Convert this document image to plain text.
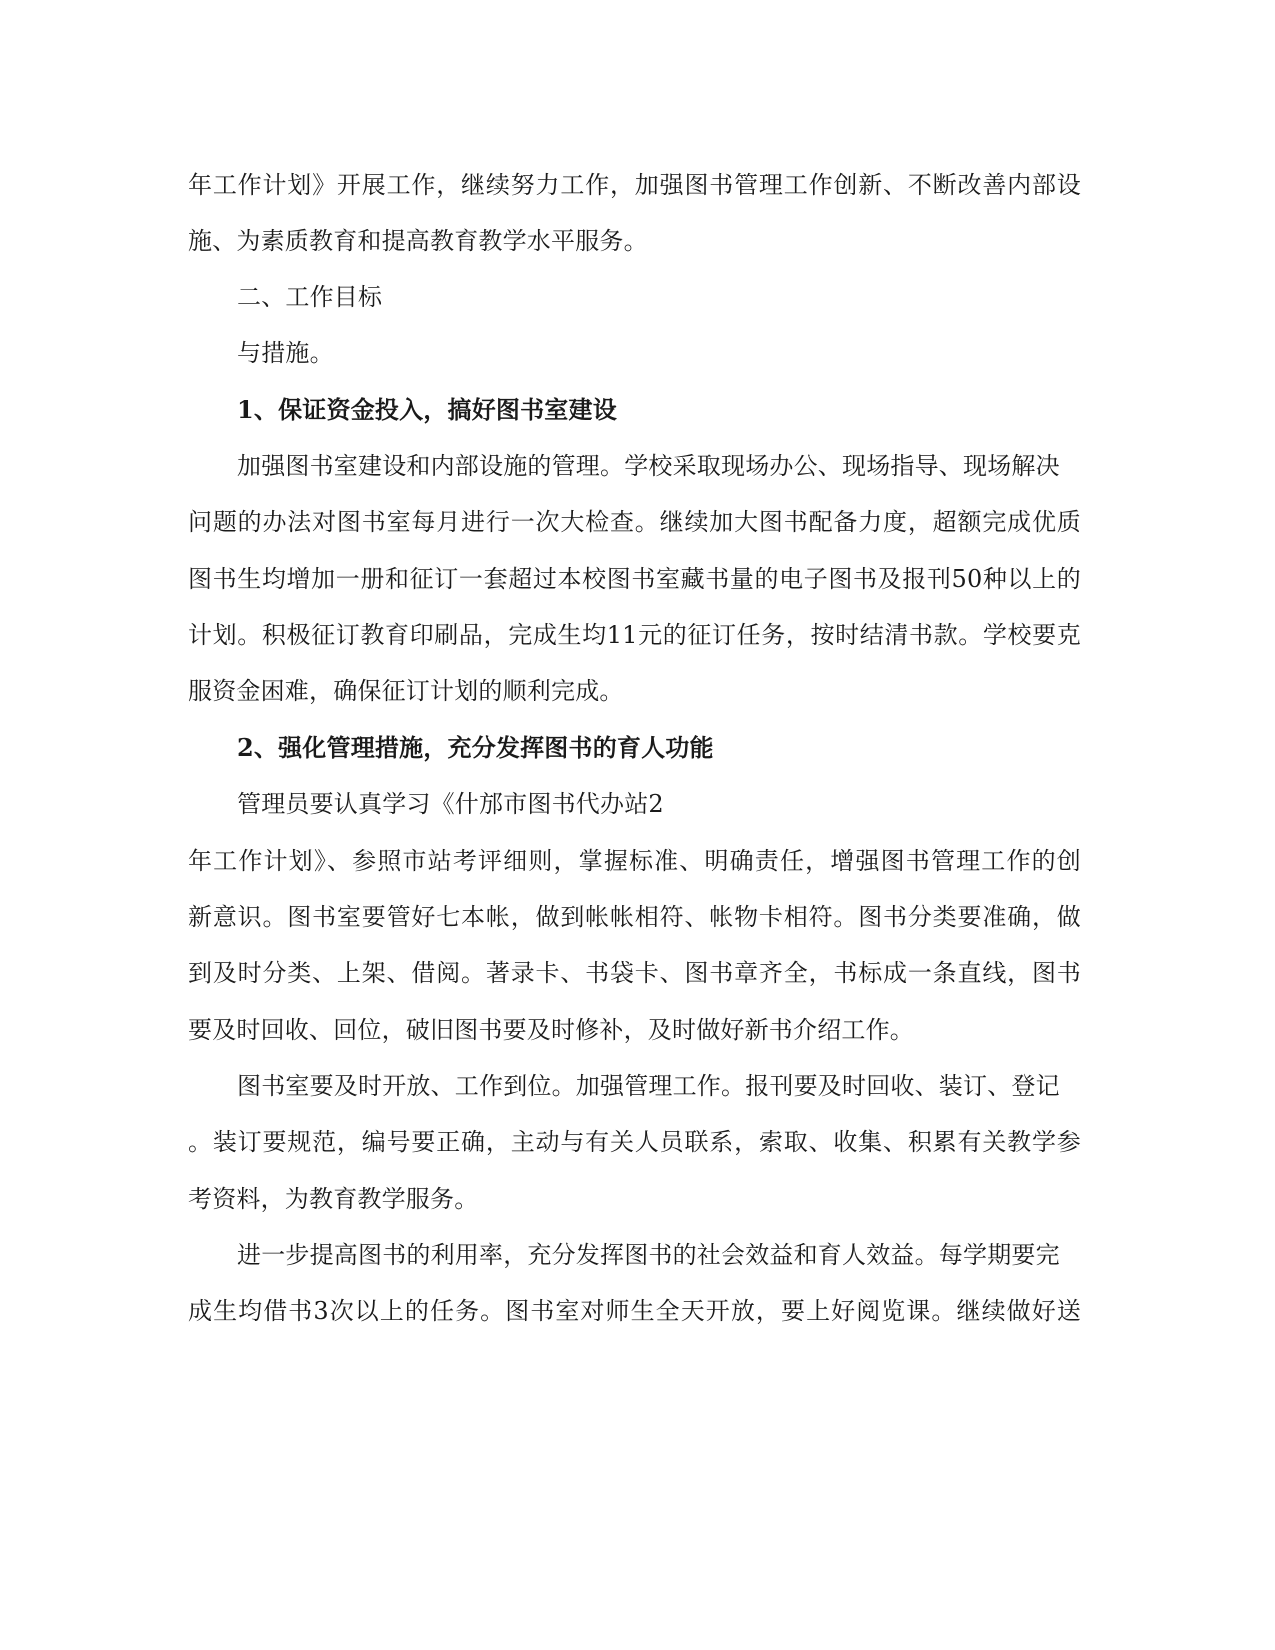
年工作计划》开展工作，继续努力工作，加强图书管理工作创新、不断改善内部设
施、为素质教育和提高教育教学水平服务。
二、工作目标
与措施。
1、保证资金投入，搞好图书室建设
加强图书室建设和内部设施的管理。学校采取现场办公、现场指导、现场解决
问题的办法对图书室每月进行一次大检查。继续加大图书配备力度，超额完成优质
图书生均增加一册和征订一套超过本校图书室藏书量的电子图书及报刊50种以上的
计划。积极征订教育印刷品，完成生均11元的征订任务，按时结清书款。学校要克
服资金困难，确保征订计划的顺利完成。
2、强化管理措施，充分发挥图书的育人功能
管理员要认真学习《什邡市图书代办站2
年工作计划》、参照市站考评细则，掌握标准、明确责任，增强图书管理工作的创
新意识。图书室要管好七本帐，做到帐帐相符、帐物卡相符。图书分类要准确，做
到及时分类、上架、借阅。著录卡、书袋卡、图书章齐全，书标成一条直线，图书
要及时回收、回位，破旧图书要及时修补，及时做好新书介绍工作。
图书室要及时开放、工作到位。加强管理工作。报刊要及时回收、装订、登记
。装订要规范，编号要正确，主动与有关人员联系，索取、收集、积累有关教学参
考资料，为教育教学服务。
进一步提高图书的利用率，充分发挥图书的社会效益和育人效益。每学期要完
成生均借书3次以上的任务。图书室对师生全天开放，要上好阅览课。继续做好送
